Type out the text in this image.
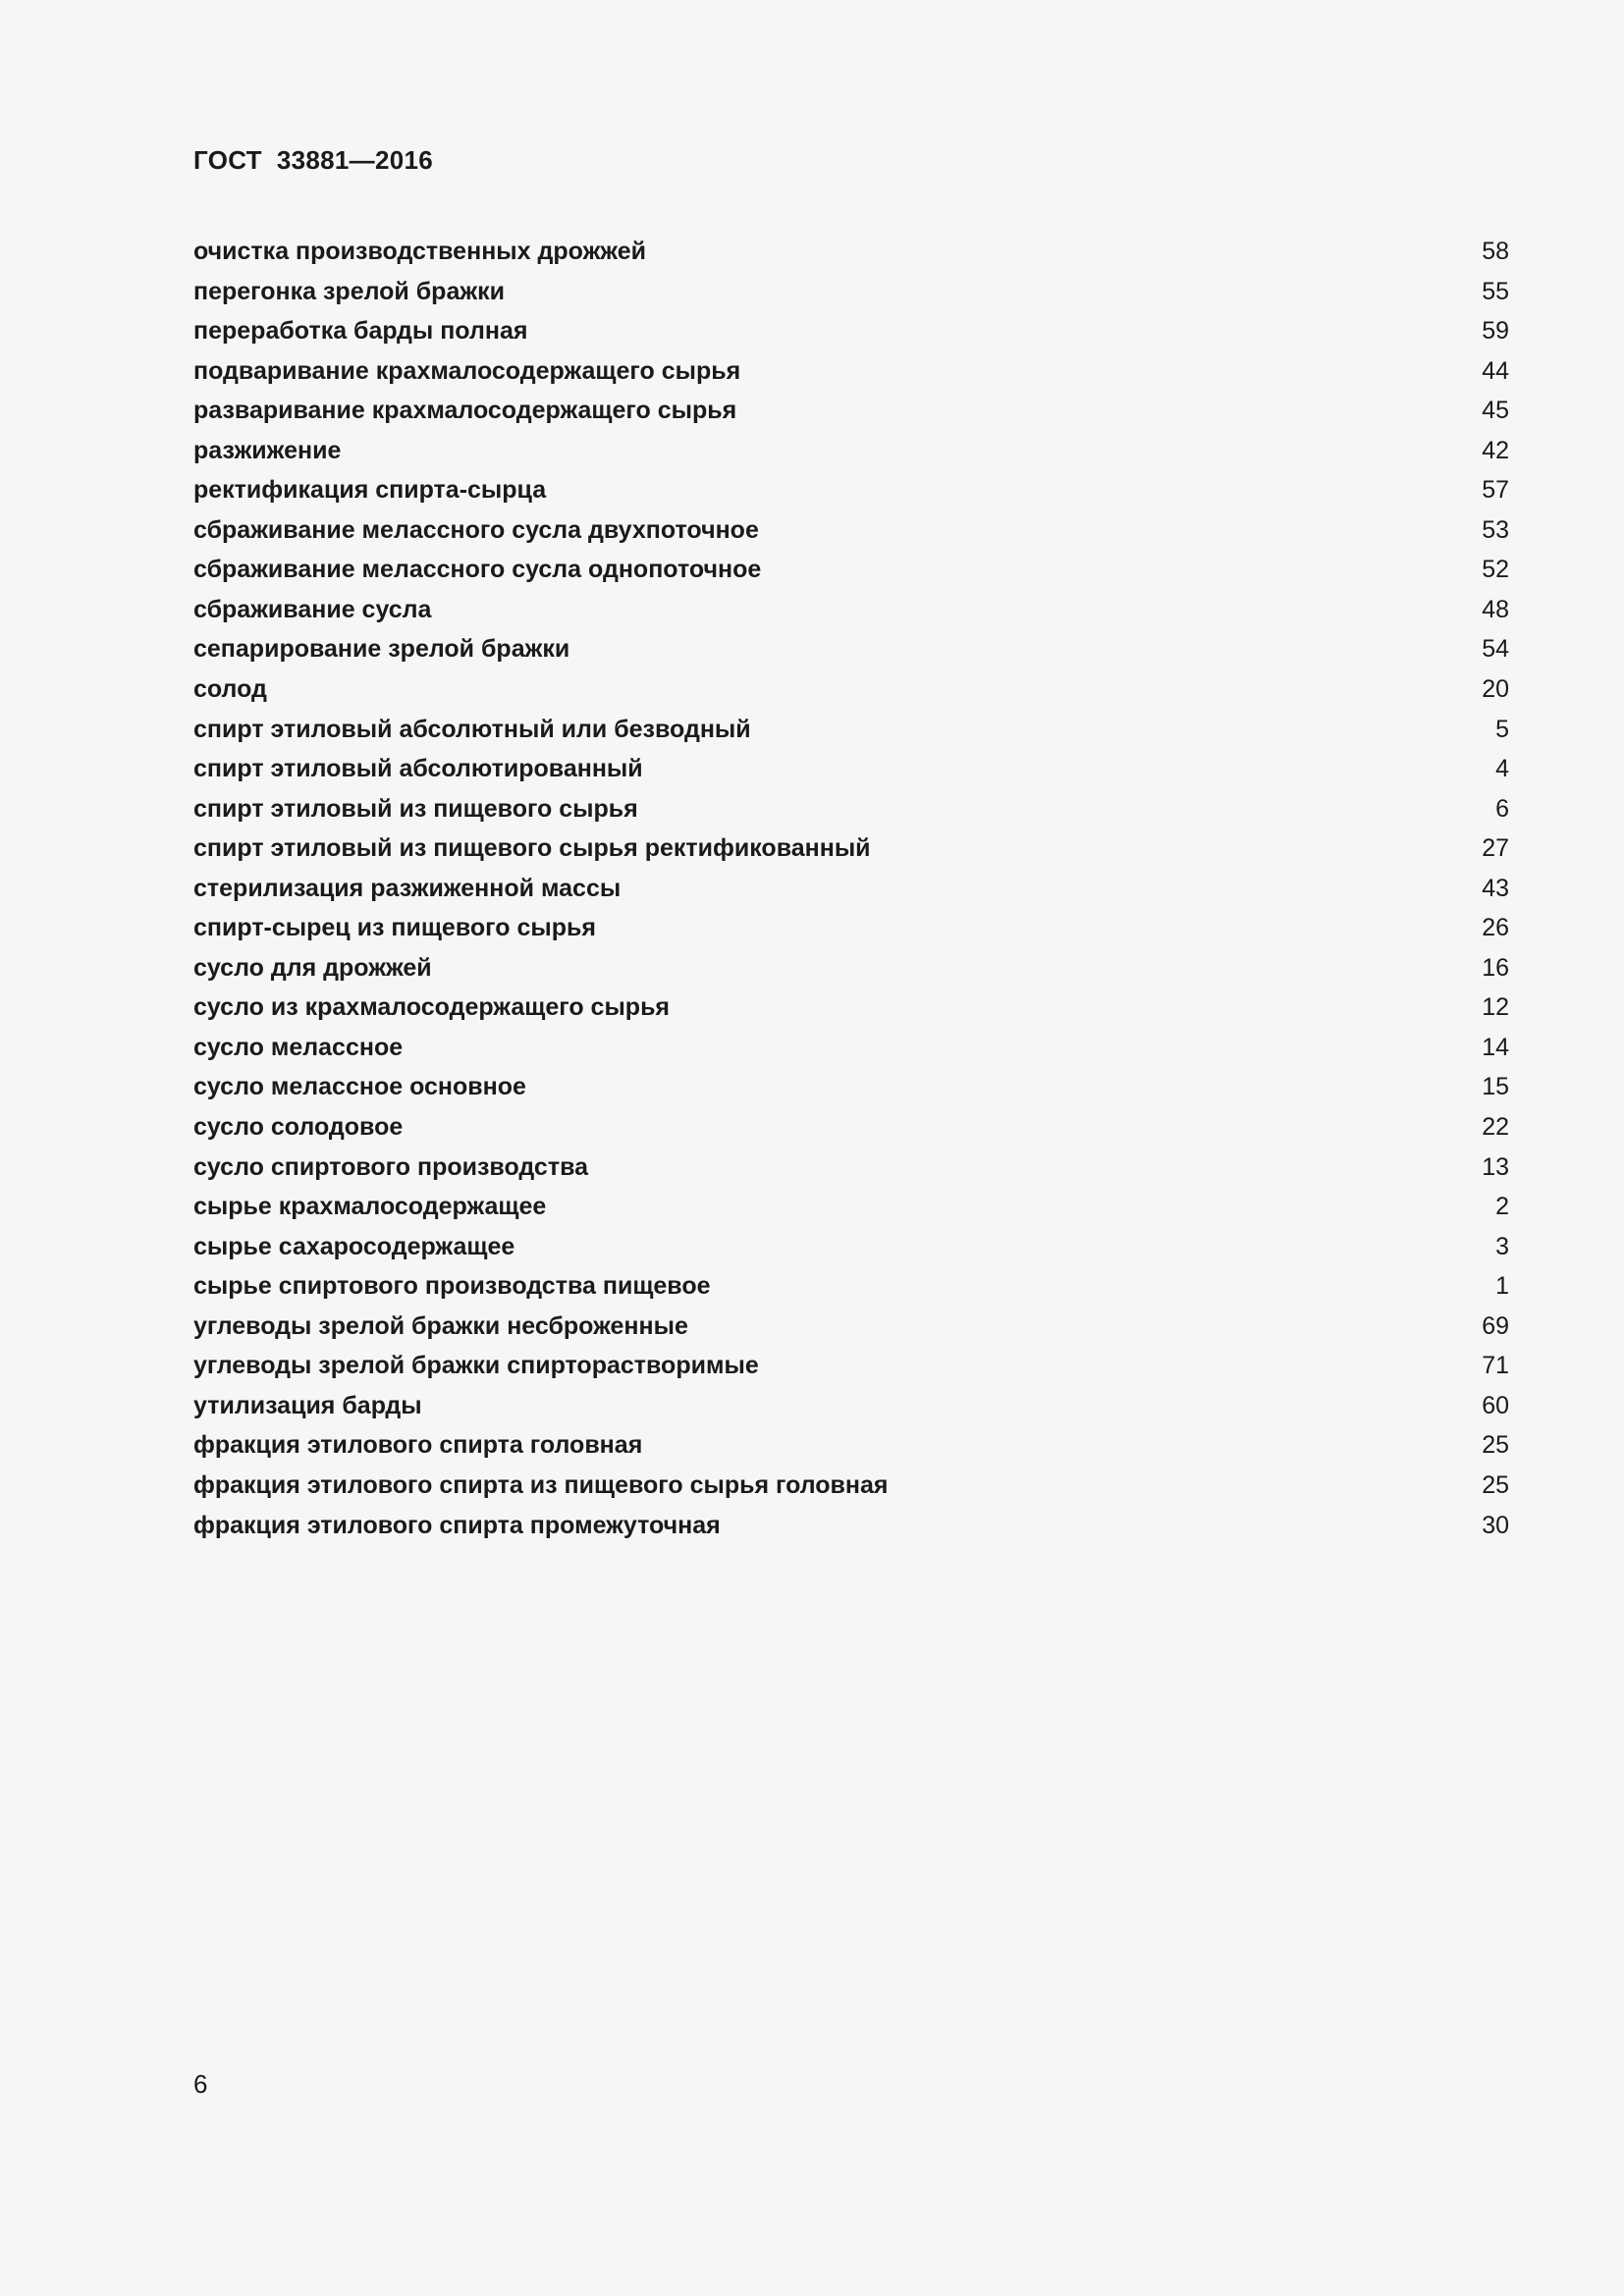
ГОСТ  33881—2016
очистка производственных дрожжей	58
перегонка зрелой бражки	55
переработка барды полная	59
подваривание крахмалосодержащего сырья	44
разваривание крахмалосодержащего сырья	45
разжижение	42
ректификация спирта-сырца	57
сбраживание мелассного сусла двухпоточное	53
сбраживание мелассного сусла однопоточное	52
сбраживание сусла	48
сепарирование зрелой бражки	54
солод	20
спирт этиловый абсолютный или безводный	5
спирт этиловый абсолютированный	4
спирт этиловый из пищевого сырья	6
спирт этиловый из пищевого сырья ректификованный	27
стерилизация разжиженной массы	43
спирт-сырец из пищевого сырья	26
сусло для дрожжей	16
сусло из крахмалосодержащего сырья	12
сусло мелассное	14
сусло мелассное основное	15
сусло солодовое	22
сусло спиртового производства	13
сырье крахмалосодержащее	2
сырье сахаросодержащее	3
сырье спиртового производства пищевое	1
углеводы зрелой бражки несброженные	69
углеводы зрелой бражки спирторастворимые	71
утилизация барды	60
фракция этилового спирта головная	25
фракция этилового спирта из пищевого сырья головная	25
фракция этилового спирта промежуточная	30
6
